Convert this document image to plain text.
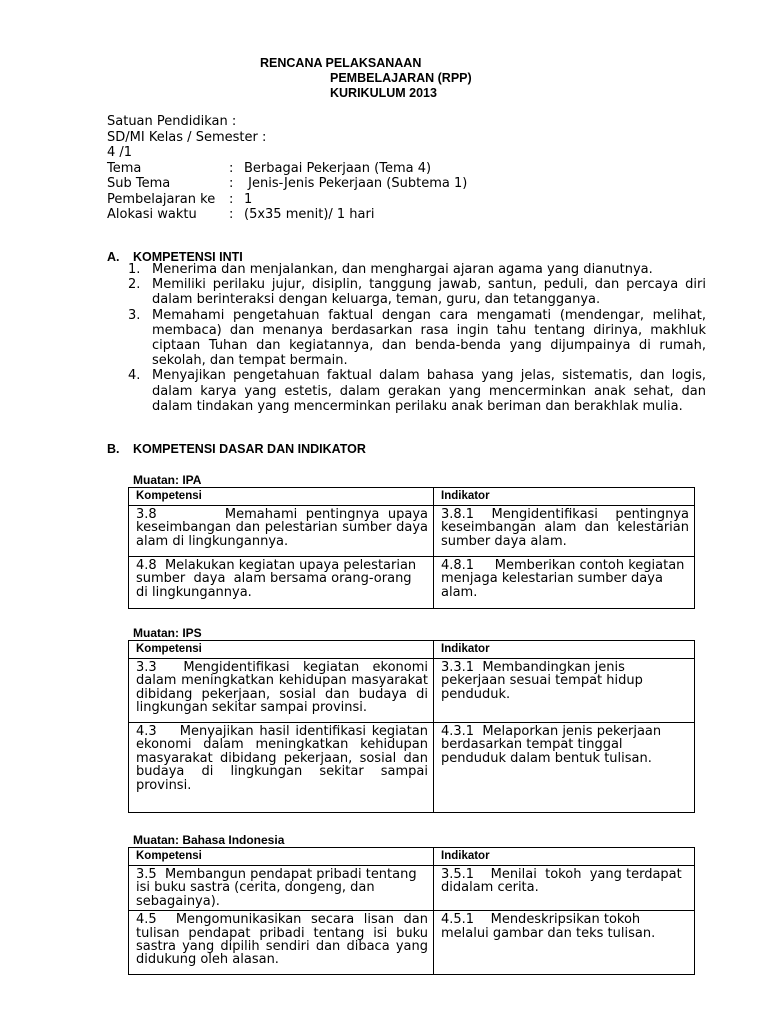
RENCANA PELAKSANAAN
PEMBELAJARAN (RPP)
KURIKULUM 2013
Satuan Pendidikan :
SD/MI Kelas / Semester :
4 /1
Tema	: Berbagai Pekerjaan (Tema 4)
Sub Tema	: Jenis-Jenis Pekerjaan (Subtema 1)
Pembelajaran ke : 1
Alokasi waktu : (5x35 menit)/ 1 hari
A. KOMPETENSI INTI
1. Menerima dan menjalankan, dan menghargai ajaran agama yang dianutnya.
2. Memiliki perilaku jujur, disiplin, tanggung jawab, santun, peduli, dan percaya diri dalam berinteraksi dengan keluarga, teman, guru, dan tetangganya.
3. Memahami pengetahuan faktual dengan cara mengamati (mendengar, melihat, membaca) dan menanya berdasarkan rasa ingin tahu tentang dirinya, makhluk ciptaan Tuhan dan kegiatannya, dan benda-benda yang dijumpainya di rumah, sekolah, dan tempat bermain.
4. Menyajikan pengetahuan faktual dalam bahasa yang jelas, sistematis, dan logis, dalam karya yang estetis, dalam gerakan yang mencerminkan anak sehat, dan dalam tindakan yang mencerminkan perilaku anak beriman dan berakhlak mulia.
B. KOMPETENSI DASAR DAN INDIKATOR
Muatan: IPA
Kompetensi	Indikator
3.8        Memahami pentingnya upaya keseimbangan dan pelestarian sumber daya alam di lingkungannya.	3.8.1 Mengidentifikasi pentingnya keseimbangan alam dan kelestarian sumber daya alam.
4.8  Melakukan kegiatan upaya pelestarian sumber  daya  alam bersama orang-orang  di lingkungannya.	4.8.1     Memberikan contoh kegiatan menjaga kelestarian sumber daya alam.
Muatan: IPS
Kompetensi	Indikator
3.3  Mengidentifikasi kegiatan ekonomi dalam meningkatkan kehidupan masyarakat dibidang pekerjaan, sosial dan budaya di lingkungan sekitar sampai provinsi.	3.3.1  Membandingkan jenis pekerjaan sesuai tempat hidup penduduk.
4.3    Menyajikan hasil identifikasi kegiatan ekonomi dalam meningkatkan kehidupan masyarakat dibidang pekerjaan, sosial dan budaya di lingkungan sekitar sampai provinsi.	4.3.1  Melaporkan jenis pekerjaan berdasarkan tempat tinggal penduduk dalam bentuk tulisan.
Muatan: Bahasa Indonesia
Kompetensi	Indikator
3.5  Membangun pendapat pribadi tentang isi buku sastra (cerita, dongeng, dan sebagainya).	3.5.1    Menilai  tokoh  yang terdapat didalam cerita.
4.5  Mengomunikasikan secara lisan dan tulisan pendapat pribadi tentang isi buku sastra yang dipilih sendiri dan dibaca yang didukung oleh alasan.	4.5.1    Mendeskripsikan tokoh melalui gambar dan teks tulisan.
